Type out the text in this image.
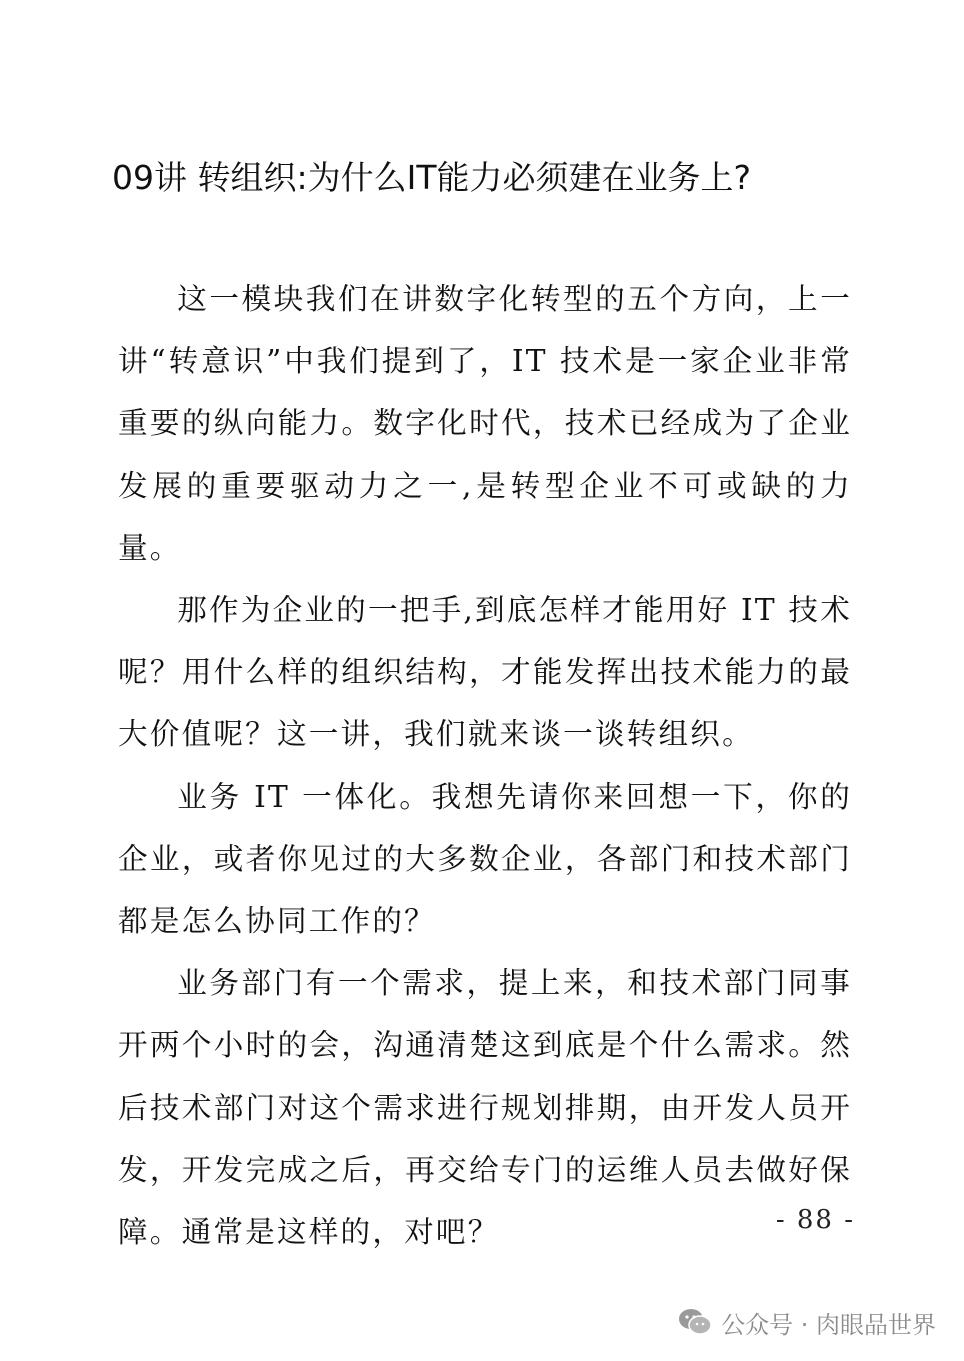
09讲 转组织:为什么IT能力必须建在业务上?

这一模块我们在讲数字化转型的五个方向，上一讲“转意识”中我们提到了，IT 技术是一家企业非常重要的纵向能力。数字化时代，技术已经成为了企业发展的重要驱动力之一,是转型企业不可或缺的力量。

那作为企业的一把手,到底怎样才能用好 IT 技术呢？用什么样的组织结构，才能发挥出技术能力的最大价值呢？这一讲，我们就来谈一谈转组织。

业务 IT 一体化。我想先请你来回想一下，你的企业，或者你见过的大多数企业，各部门和技术部门都是怎么协同工作的？

业务部门有一个需求，提上来，和技术部门同事开两个小时的会，沟通清楚这到底是个什么需求。然后技术部门对这个需求进行规划排期，由开发人员开发，开发完成之后，再交给专门的运维人员去做好保障。通常是这样的，对吧？	- 88 -
公众号 · 肉眼品世界
